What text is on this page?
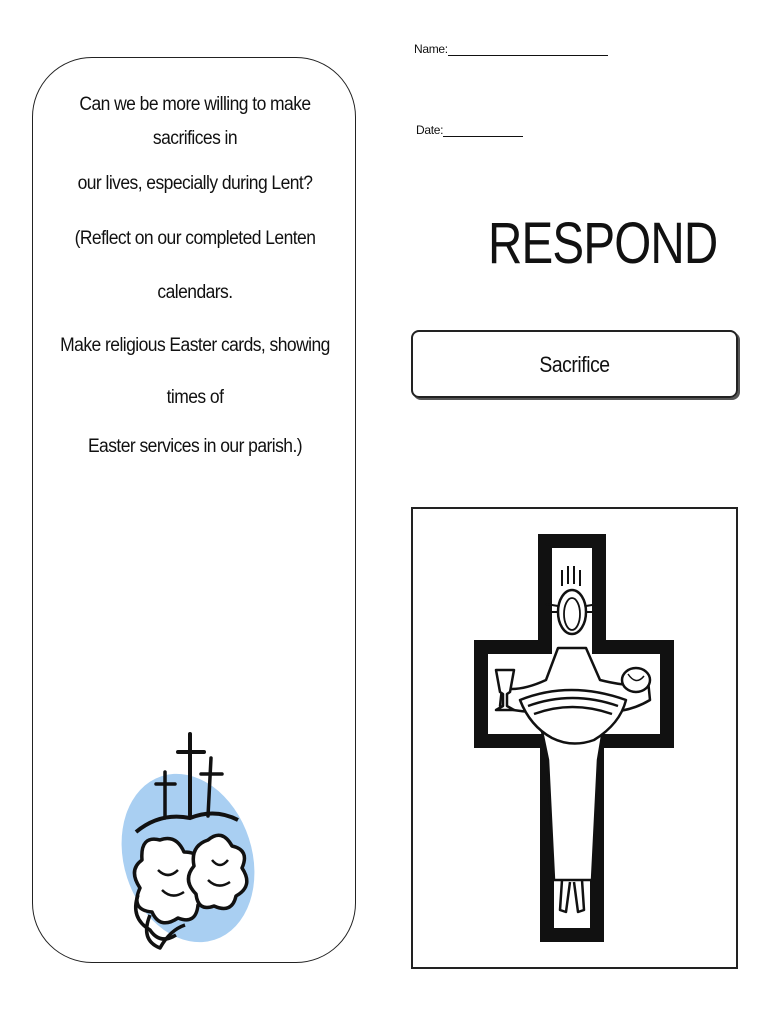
Name:
Date:

Can we be more willing to make sacrifices in

our lives, especially during Lent?

(Reflect on our completed Lenten calendars.

Make religious Easter cards, showing times of

Easter services in our parish.)

RESPOND
Sacrifice
